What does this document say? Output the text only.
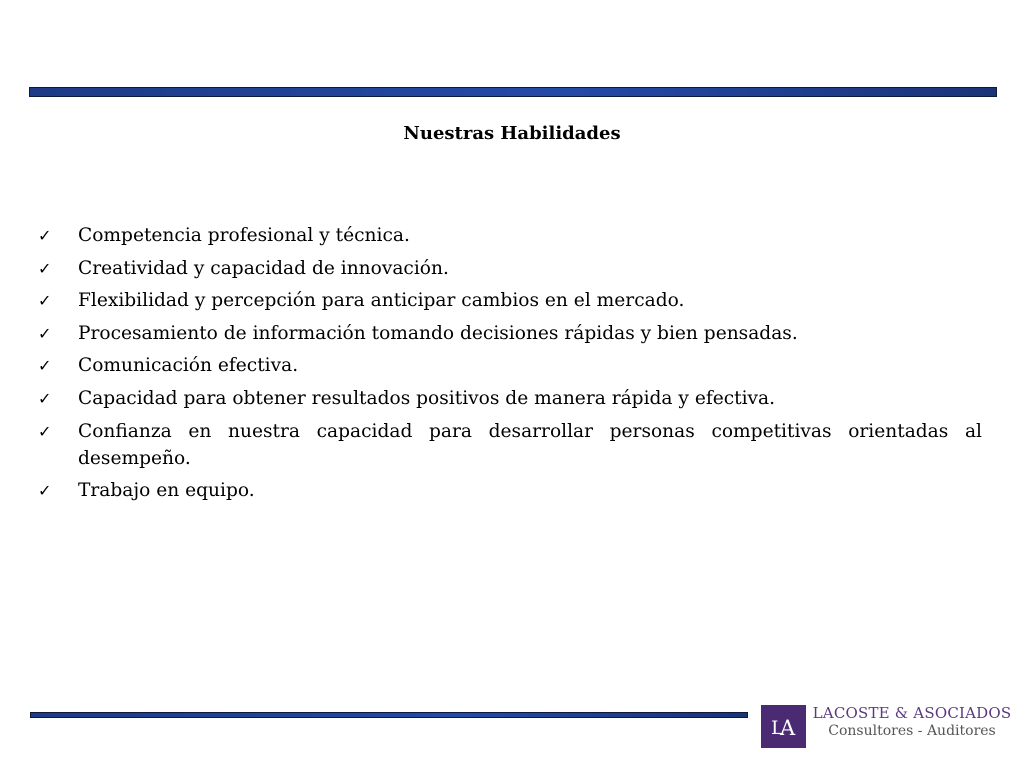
Nuestras Habilidades
✓	Competencia profesional y técnica.
✓	Creatividad y capacidad de innovación.
✓	Flexibilidad y percepción para anticipar cambios en el mercado.
✓	Procesamiento de información tomando decisiones rápidas y bien pensadas.
✓	Comunicación efectiva.
✓	Capacidad para obtener resultados positivos de manera rápida y efectiva.
✓	Confianza en nuestra capacidad para desarrollar personas competitivas orientadas al desempeño.
✓	Trabajo en equipo.
L
A
LACOSTE & ASOCIADOS
Consultores - Auditores
